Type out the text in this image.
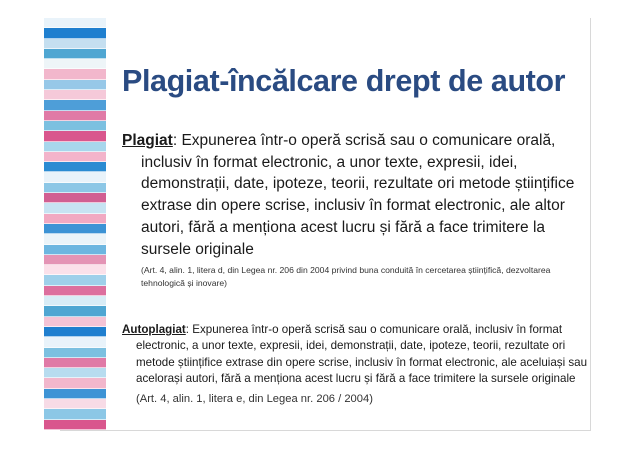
Plagiat-încălcare drept de autor

Plagiat: Expunerea într-o operă scrisă sau o comunicare orală, inclusiv în format electronic, a unor texte, expresii, idei, demonstrații, date, ipoteze, teorii, rezultate ori metode științifice extrase din opere scrise, inclusiv în format electronic, ale altor autori, fără a menționa acest lucru și fără a face trimitere la sursele originale
(Art. 4, alin. 1, litera d, din Legea nr. 206 din 2004 privind buna conduită în cercetarea științifică, dezvoltarea tehnologică și inovare)

Autoplagiat: Expunerea într-o operă scrisă sau o comunicare orală, inclusiv în format electronic, a unor texte, expresii, idei, demonstrații, date, ipoteze, teorii, rezultate ori metode științifice extrase din opere scrise, inclusiv în format electronic, ale aceluiași sau acelorași autori, fără a menționa acest lucru și fără a face trimitere la sursele originale
(Art. 4, alin. 1, litera e, din Legea nr. 206 / 2004)
